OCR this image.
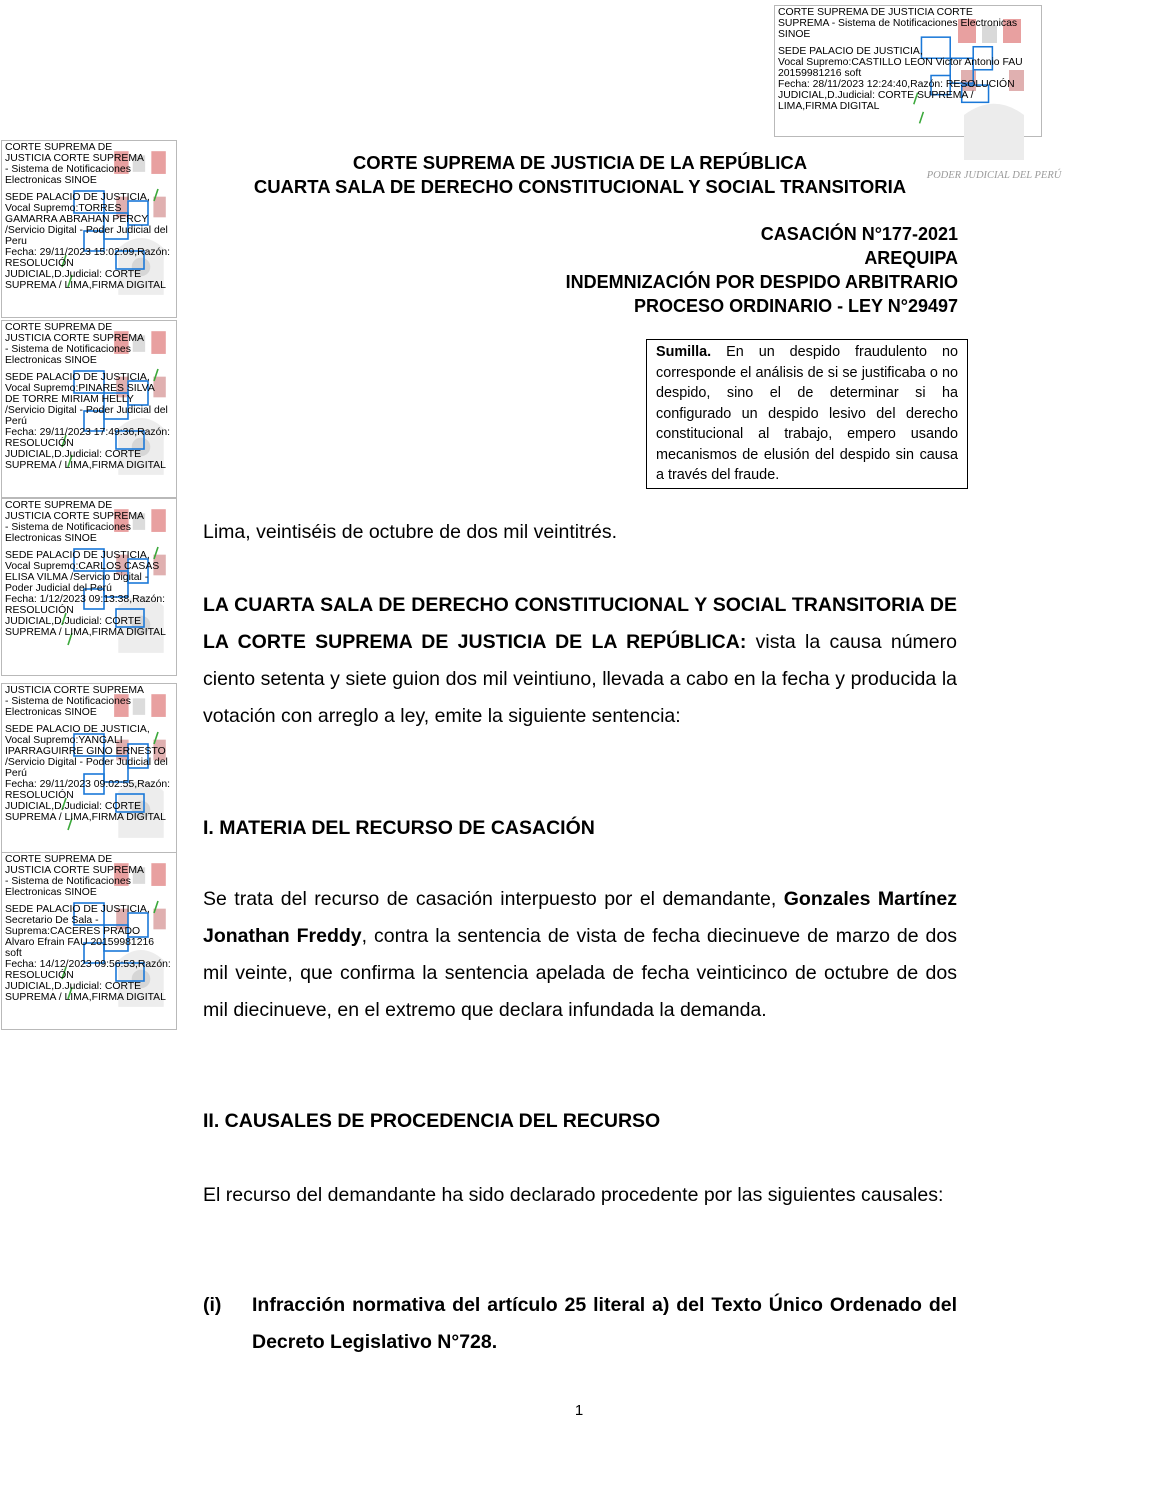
PODER JUDICIAL DEL PERÚ
CORTE SUPREMA DE JUSTICIA CORTE
SUPREMA - Sistema de Notificaciones Electronicas
SINOE
SEDE PALACIO DE JUSTICIA,
Vocal Supremo:CASTILLO LEON Victor Antonio FAU
20159981216 soft
Fecha: 28/11/2023 12:24:40,Razón: RESOLUCIÓN
JUDICIAL,D.Judicial: CORTE SUPREMA /
LIMA,FIRMA DIGITAL
CORTE SUPREMA DE
JUSTICIA CORTE SUPREMA
- Sistema de Notificaciones
Electronicas SINOE
SEDE PALACIO DE JUSTICIA,
Vocal Supremo:TORRES
GAMARRA ABRAHAN PERCY
/Servicio Digital - Poder Judicial del
Peru
Fecha: 29/11/2023 15:02:09,Razón:
RESOLUCIÓN
JUDICIAL,D.Judicial: CORTE
SUPREMA / LIMA,FIRMA DIGITAL
CORTE SUPREMA DE
JUSTICIA CORTE SUPREMA
- Sistema de Notificaciones
Electronicas SINOE
SEDE PALACIO DE JUSTICIA,
Vocal Supremo:PINARES SILVA
DE TORRE MIRIAM HELLY
/Servicio Digital - Poder Judicial del
Perú
Fecha: 29/11/2023 17:49:36,Razón:
RESOLUCIÓN
JUDICIAL,D.Judicial: CORTE
SUPREMA / LIMA,FIRMA DIGITAL
CORTE SUPREMA DE
JUSTICIA CORTE SUPREMA
- Sistema de Notificaciones
Electronicas SINOE
SEDE PALACIO DE JUSTICIA,
Vocal Supremo:CARLOS CASAS
ELISA VILMA /Servicio Digital -
Poder Judicial del Perú
Fecha: 1/12/2023 09:13:38,Razón:
RESOLUCIÓN
JUDICIAL,D.Judicial: CORTE
SUPREMA / LIMA,FIRMA DIGITAL
JUSTICIA CORTE SUPREMA
- Sistema de Notificaciones
Electronicas SINOE
SEDE PALACIO DE JUSTICIA,
Vocal Supremo:YANGALI
IPARRAGUIRRE GINO ERNESTO
/Servicio Digital - Poder Judicial del
Perú
Fecha: 29/11/2023 09:02:55,Razón:
RESOLUCIÓN
JUDICIAL,D.Judicial: CORTE
SUPREMA / LIMA,FIRMA DIGITAL
CORTE SUPREMA DE
JUSTICIA CORTE SUPREMA
- Sistema de Notificaciones
Electronicas SINOE
SEDE PALACIO DE JUSTICIA,
Secretario De Sala -
Suprema:CACERES PRADO
Alvaro Efrain FAU 20159981216
soft
Fecha: 14/12/2023 09:56:53,Razón:
RESOLUCIÓN
JUDICIAL,D.Judicial: CORTE
SUPREMA / LIMA,FIRMA DIGITAL
CORTE SUPREMA DE JUSTICIA DE LA REPÚBLICA
CUARTA SALA DE DERECHO CONSTITUCIONAL Y SOCIAL TRANSITORIA
CASACIÓN N°177-2021
AREQUIPA
INDEMNIZACIÓN POR DESPIDO ARBITRARIO
PROCESO ORDINARIO - LEY N°29497
Sumilla. En un despido fraudulento no corresponde el análisis de si se justificaba o no despido, sino el de determinar si ha configurado un despido lesivo del derecho constitucional al trabajo, empero usando mecanismos de elusión del despido sin causa a través del fraude.
Lima, veintiséis de octubre de dos mil veintitrés.
LA CUARTA SALA DE DERECHO CONSTITUCIONAL Y SOCIAL TRANSITORIA DE LA CORTE SUPREMA DE JUSTICIA DE LA REPÚBLICA: vista la causa número ciento setenta y siete guion dos mil veintiuno, llevada a cabo en la fecha y producida la votación con arreglo a ley, emite la siguiente sentencia:
I. MATERIA DEL RECURSO DE CASACIÓN
Se trata del recurso de casación interpuesto por el demandante, Gonzales Martínez Jonathan Freddy, contra la sentencia de vista de fecha diecinueve de marzo de dos mil veinte, que confirma la sentencia apelada de fecha veinticinco de octubre de dos mil diecinueve, en el extremo que declara infundada la demanda.
II. CAUSALES DE PROCEDENCIA DEL RECURSO
El recurso del demandante ha sido declarado procedente por las siguientes causales:
(i) Infracción normativa del artículo 25 literal a) del Texto Único Ordenado del Decreto Legislativo N°728.
1
